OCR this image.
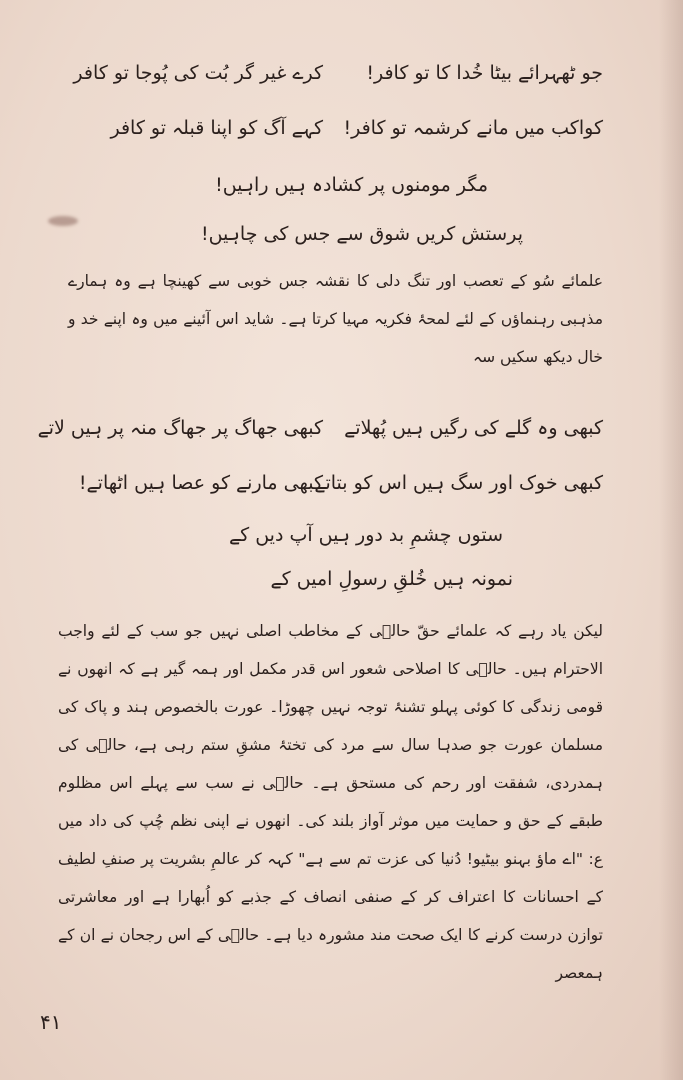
جو ٹھہرائے بیٹا خُدا کا تو کافر!
کرے غیر گر بُت کی پُوجا تو کافر
کواکب میں مانے کرشمہ تو کافر!
کہے آگ کو اپنا قبلہ تو کافر
مگر مومنوں پر کشادہ ہیں راہیں!
پرستش کریں شوق سے جس کی چاہیں!
علمائے سُو کے تعصب اور تنگ دلی کا نقشہ جس خوبی سے کھینچا ہے وہ ہمارے مذہبی رہنماؤں کے لئے لمحۂ فکریہ مہیا کرتا ہے۔ شاید اس آئینے میں وہ اپنے خد و خال دیکھ سکیں سہ
کبھی وہ گلے کی رگیں ہیں پُھلاتے
کبھی جھاگ پر جھاگ منہ پر ہیں لاتے
کبھی خوک اور سگ ہیں اس کو بتاتے
کبھی مارنے کو عصا ہیں اٹھاتے!
ستوں چشمِ بد دور ہیں آپ دیں کے
نمونہ ہیں خُلقِ رسولِ امیں کے
لیکن یاد رہے کہ علمائے حقّ حالؔی کے مخاطب اصلی نہیں جو سب کے لئے واجب الاحترام ہیں۔ حالؔی کا اصلاحی شعور اس قدر مکمل اور ہمہ گیر ہے کہ انھوں نے قومی زندگی کا کوئی پہلو تشنۂ توجہ نہیں چھوڑا۔ عورت بالخصوص ہند و پاک کی مسلمان عورت جو صدہا سال سے مرد کی تختۂ مشقِ ستم رہی ہے، حالؔی کی ہمدردی، شفقت اور رحم کی مستحق ہے۔ حالؔی نے سب سے پہلے اس مظلوم طبقے کے حق و حمایت میں موثر آواز بلند کی۔ انھوں نے اپنی نظم چُپ کی داد میں ع: "اے ماؤ بہنو بیٹیو! دُنیا کی عزت تم سے ہے" کہہ کر عالمِ بشریت پر صنفِ لطیف کے احسانات کا اعتراف کر کے صنفی انصاف کے جذبے کو اُبھارا ہے اور معاشرتی توازن درست کرنے کا ایک صحت مند مشورہ دیا ہے۔ حالؔی کے اس رجحان نے ان کے ہمعصر
۴۱
